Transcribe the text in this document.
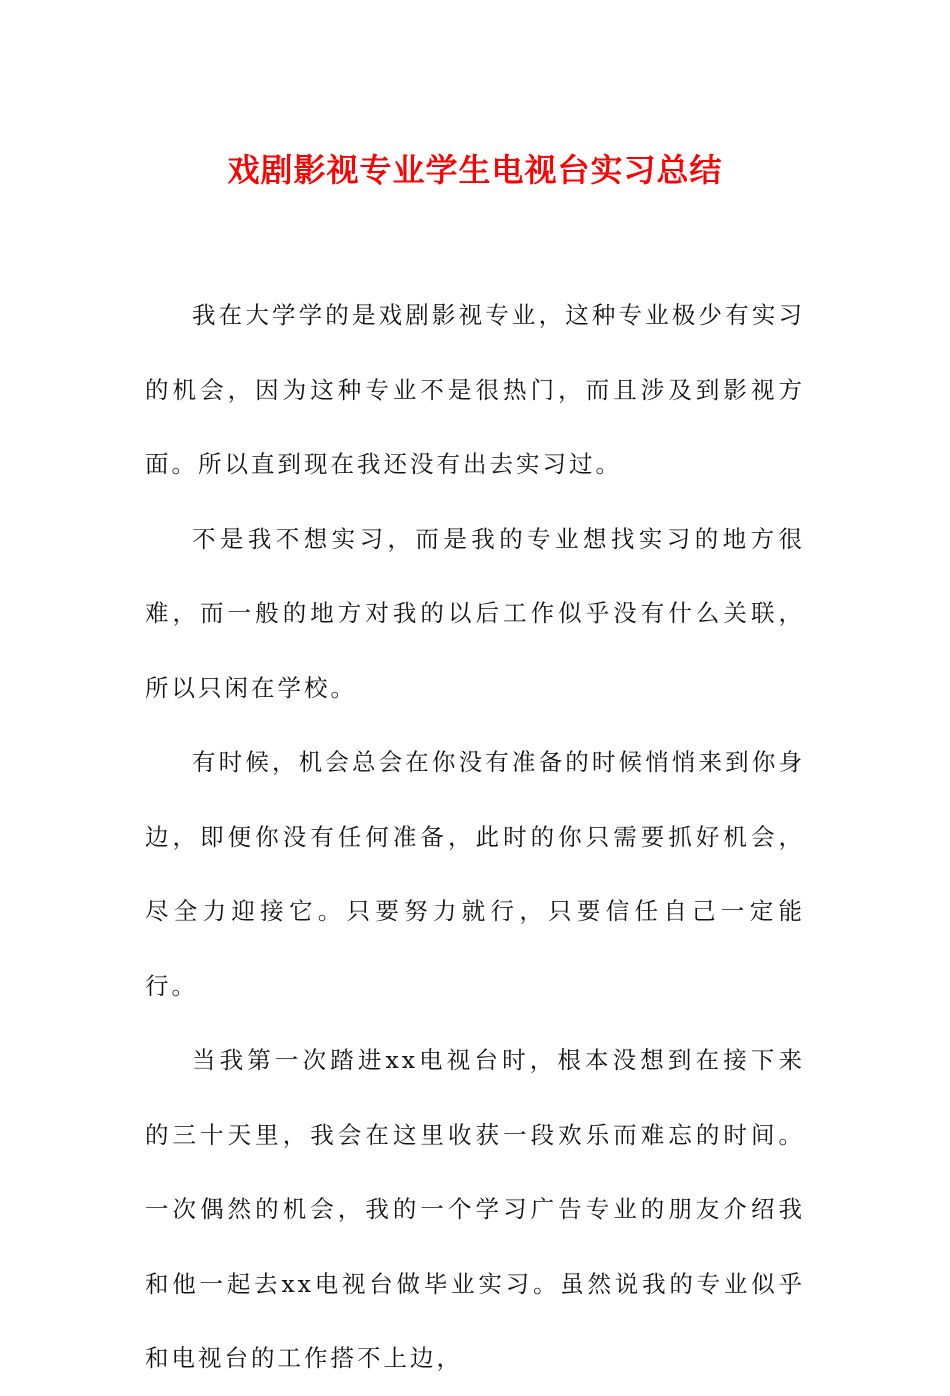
戏剧影视专业学生电视台实习总结

我在大学学的是戏剧影视专业，这种专业极少有实习的机会，因为这种专业不是很热门，而且涉及到影视方面。所以直到现在我还没有出去实习过。

不是我不想实习，而是我的专业想找实习的地方很难，而一般的地方对我的以后工作似乎没有什么关联，所以只闲在学校。

有时候，机会总会在你没有准备的时候悄悄来到你身边，即便你没有任何准备，此时的你只需要抓好机会，尽全力迎接它。只要努力就行，只要信任自己一定能行。

当我第一次踏进xx电视台时，根本没想到在接下来的三十天里，我会在这里收获一段欢乐而难忘的时间。一次偶然的机会，我的一个学习广告专业的朋友介绍我和他一起去xx电视台做毕业实习。虽然说我的专业似乎和电视台的工作搭不上边，
